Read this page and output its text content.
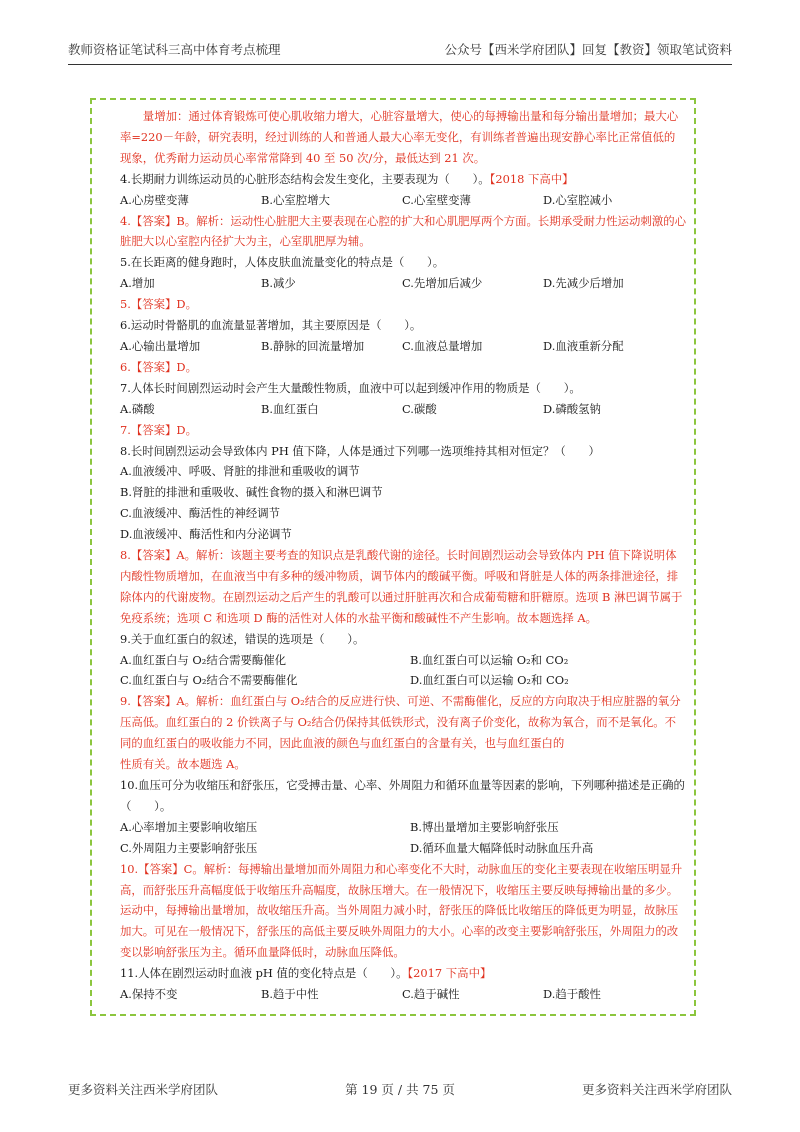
教师资格证笔试科三高中体育考点梳理	公众号【西米学府团队】回复【教资】领取笔试资料

量增加：通过体育锻炼可使心肌收缩力增大，心脏容量增大，使心的每搏输出量和每分输出量增加；最大心率=220－年龄，研究表明，经过训练的人和普通人最大心率无变化，有训练者普遍出现安静心率比正常值低的现象，优秀耐力运动员心率常常降到 40 至 50 次/分，最低达到 21 次。

4.长期耐力训练运动员的心脏形态结构会发生变化，主要表现为（　　）。【2018 下高中】

A.心房壁变薄	B.心室腔增大	C.心室壁变薄	D.心室腔减小

4.【答案】B。解析：运动性心脏肥大主要表现在心腔的扩大和心肌肥厚两个方面。长期承受耐力性运动刺激的心脏肥大以心室腔内径扩大为主，心室肌肥厚为辅。

5.在长距离的健身跑时，人体皮肤血流量变化的特点是（　　）。

A.增加	B.减少	C.先增加后减少	D.先减少后增加

5.【答案】D。

6.运动时骨骼肌的血流量显著增加，其主要原因是（　　）。

A.心输出量增加	B.静脉的回流量增加	C.血液总量增加	D.血液重新分配

6.【答案】D。

7.人体长时间剧烈运动时会产生大量酸性物质，血液中可以起到缓冲作用的物质是（　　）。

A.磷酸	B.血红蛋白	C.碳酸	D.磷酸氢钠

7.【答案】D。

8.长时间剧烈运动会导致体内 PH 值下降，人体是通过下列哪一选项维持其相对恒定？（　　）

A.血液缓冲、呼吸、肾脏的排泄和重吸收的调节

B.肾脏的排泄和重吸收、碱性食物的摄入和淋巴调节

C.血液缓冲、酶活性的神经调节

D.血液缓冲、酶活性和内分泌调节

8.【答案】A。解析：该题主要考查的知识点是乳酸代谢的途径。长时间剧烈运动会导致体内 PH 值下降说明体内酸性物质增加，在血液当中有多种的缓冲物质，调节体内的酸碱平衡。呼吸和肾脏是人体的两条排泄途径，排除体内的代谢废物。在剧烈运动之后产生的乳酸可以通过肝脏再次和合成葡萄糖和肝糖原。选项 B 淋巴调节属于免疫系统；选项 C 和选项 D 酶的活性对人体的水盐平衡和酸碱性不产生影响。故本题选择 A。

9.关于血红蛋白的叙述，错误的选项是（　　）。

A.血红蛋白与 O₂结合需要酶催化	B.血红蛋白可以运输 O₂和 CO₂
C.血红蛋白与 O₂结合不需要酶催化	D.血红蛋白可以运输 O₂和 CO₂

9.【答案】A。解析：血红蛋白与 O₂结合的反应进行快、可逆、不需酶催化，反应的方向取决于相应脏器的氧分压高低。血红蛋白的 2 价铁离子与 O₂结合仍保持其低铁形式，没有离子价变化，故称为氧合，而不是氧化。不同的血红蛋白的吸收能力不同，因此血液的颜色与血红蛋白的含量有关，也与血红蛋白的

性质有关。故本题选 A。

10.血压可分为收缩压和舒张压，它受搏击量、心率、外周阻力和循环血量等因素的影响，下列哪种描述是正确的（　　）。

A.心率增加主要影响收缩压	B.博出量增加主要影响舒张压
C.外周阻力主要影响舒张压	D.循环血量大幅降低时动脉血压升高

10.【答案】C。解析：每搏输出量增加而外周阻力和心率变化不大时，动脉血压的变化主要表现在收缩压明显升高，而舒张压升高幅度低于收缩压升高幅度，故脉压增大。在一般情况下，收缩压主要反映每搏输出量的多少。运动中，每搏输出量增加，故收缩压升高。当外周阻力减小时，舒张压的降低比收缩压的降低更为明显，故脉压加大。可见在一般情况下，舒张压的高低主要反映外周阻力的大小。心率的改变主要影响舒张压，外周阻力的改变以影响舒张压为主。循环血量降低时，动脉血压降低。

11.人体在剧烈运动时血液 pH 值的变化特点是（　　）。【2017 下高中】

A.保持不变	B.趋于中性	C.趋于碱性	D.趋于酸性
更多资料关注西米学府团队	第 19 页 / 共 75 页	更多资料关注西米学府团队
